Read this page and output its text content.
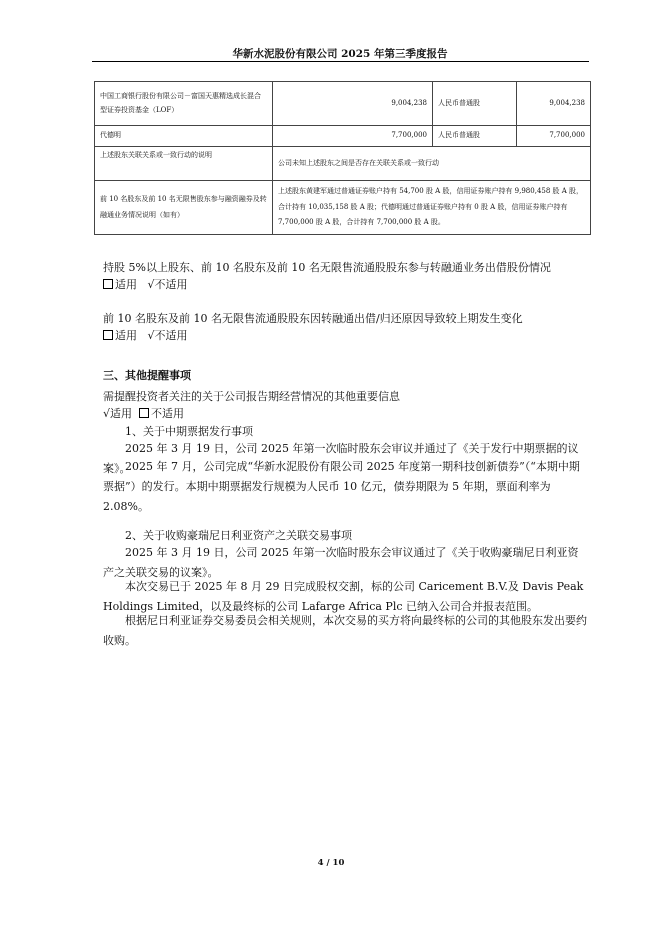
华新水泥股份有限公司 2025 年第三季度报告
中国工商银行股份有限公司－富国天惠精选成长混合型证券投资基金（LOF）	9,004,238	人民币普通股	9,004,238
代德明	7,700,000	人民币普通股	7,700,000
上述股东关联关系或一致行动的说明	公司未知上述股东之间是否存在关联关系或一致行动		
前 10 名股东及前 10 名无限售股东参与融资融券及转融通业务情况说明（如有）	上述股东黄建军通过普通证券账户持有 54,700 股 A 股，信用证券账户持有 9,980,458 股 A 股，合计持有 10,035,158 股 A 股；代德明通过普通证券账户持有 0 股 A 股，信用证券账户持有 7,700,000 股 A 股，合计持有 7,700,000 股 A 股。		
持股 5%以上股东、前 10 名股东及前 10 名无限售流通股股东参与转融通业务出借股份情况
适用 √不适用
前 10 名股东及前 10 名无限售流通股股东因转融通出借/归还原因导致较上期发生变化
适用 √不适用
三、其他提醒事项
需提醒投资者关注的关于公司报告期经营情况的其他重要信息
√适用 不适用
1、关于中期票据发行事项
2025 年 3 月 19 日，公司 2025 年第一次临时股东会审议并通过了《关于发行中期票据的议案》。
2025 年 7 月，公司完成“华新水泥股份有限公司 2025 年度第一期科技创新债券”（“本期中期票据”）的发行。本期中期票据发行规模为人民币 10 亿元，债券期限为 5 年期，票面利率为 2.08%。
2、关于收购豪瑞尼日利亚资产之关联交易事项
2025 年 3 月 19 日，公司 2025 年第一次临时股东会审议通过了《关于收购豪瑞尼日利亚资产之关联交易的议案》。
本次交易已于 2025 年 8 月 29 日完成股权交割，标的公司 Caricement B.V.及 Davis Peak Holdings Limited，以及最终标的公司 Lafarge Africa Plc 已纳入公司合并报表范围。
根据尼日利亚证券交易委员会相关规则，本次交易的买方将向最终标的公司的其他股东发出要约收购。
4 / 10
